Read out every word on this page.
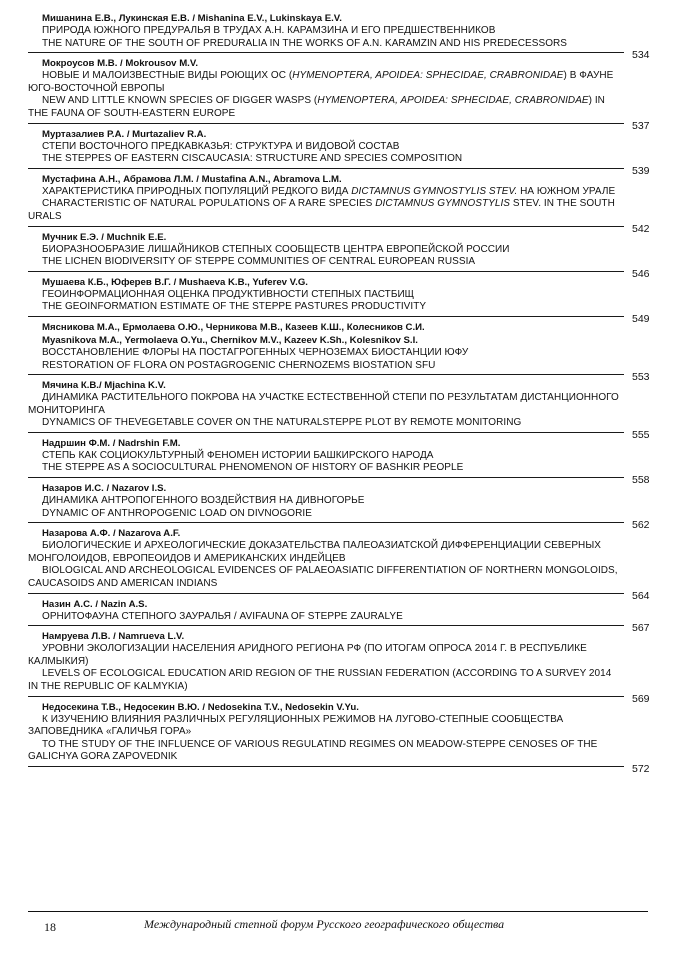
Мишанина Е.В., Лукинская Е.В. / Mishanina E.V., Lukinskaya E.V.
ПРИРОДА ЮЖНОГО ПРЕДУРАЛЬЯ В ТРУДАХ А.Н. КАРАМЗИНА И ЕГО ПРЕДШЕСТВЕННИКОВ
THE NATURE OF THE SOUTH OF PREDURALIA IN THE WORKS OF A.N. KARAMZIN AND HIS PREDECESSORS
534
Мокроусов М.В. / Mokrousov M.V.
НОВЫЕ И МАЛОИЗВЕСТНЫЕ ВИДЫ РОЮЩИХ ОС (HYMENOPTERA, APOIDEA: SPHECIDAE, CRABRONIDAE) В ФАУНЕ ЮГО-ВОСТОЧНОЙ ЕВРОПЫ
NEW AND LITTLE KNOWN SPECIES OF DIGGER WASPS (HYMENOPTERA, APOIDEA: SPHECIDAE, CRABRONIDAE) IN THE FAUNA OF SOUTH-EASTERN EUROPE
537
Муртазалиев Р.А. / Murtazaliev R.A.
СТЕПИ ВОСТОЧНОГО ПРЕДКАВКАЗЬЯ: СТРУКТУРА И ВИДОВОЙ СОСТАВ
THE STEPPES OF EASTERN CISCAUCASIA: STRUCTURE AND SPECIES COMPOSITION
539
Мустафина А.Н., Абрамова Л.М. / Mustafina A.N., Abramova L.M.
ХАРАКТЕРИСТИКА ПРИРОДНЫХ ПОПУЛЯЦИЙ РЕДКОГО ВИДА DICTAMNUS GYMNOSTYLIS STEV. НА ЮЖНОМ УРАЛЕ
CHARACTERISTIC OF NATURAL POPULATIONS OF A RARE SPECIES DICTAMNUS GYMNOSTYLIS STEV. IN THE SOUTH URALS
542
Мучник Е.Э. / Muchnik E.E.
БИОРАЗНООБРАЗИЕ ЛИШАЙНИКОВ СТЕПНЫХ СООБЩЕСТВ ЦЕНТРА ЕВРОПЕЙСКОЙ РОССИИ
THE LICHEN BIODIVERSITY OF STEPPE COMMUNITIES OF CENTRAL EUROPEAN RUSSIA
546
Мушаева К.Б., Юферев В.Г. / Mushaeva K.B., Yuferev V.G.
ГЕОИНФОРМАЦИОННАЯ ОЦЕНКА ПРОДУКТИВНОСТИ СТЕПНЫХ ПАСТБИЩ
THE GEOINFORMATION ESTIMATE OF THE STEPPE PASTURES PRODUCTIVITY
549
Мясникова М.А., Ермолаева О.Ю., Черникова М.В., Казеев К.Ш., Колесников С.И.
Myasnikova M.A., Yermolaeva O.Yu., Chernikov M.V., Kazeev K.Sh., Kolesnikov S.I.
ВОССТАНОВЛЕНИЕ ФЛОРЫ НА ПОСТАГРОГЕННЫХ ЧЕРНОЗЕМАХ БИОСТАНЦИИ ЮФУ
RESTORATION OF FLORA ON POSTAGROGENIC CHERNOZEMS BIOSTATION SFU
553
Мячина К.В./ Mjachina K.V.
ДИНАМИКА РАСТИТЕЛЬНОГО ПОКРОВА НА УЧАСТКЕ ЕСТЕСТВЕННОЙ СТЕПИ ПО РЕЗУЛЬТАТАМ ДИСТАНЦИОННОГО МОНИТОРИНГА
DYNAMICS OF THEVEGETABLE COVER ON THE NATURALSTEPPE PLOT BY REMOTE MONITORING
555
Надршин Ф.М. / Nadrshin F.M.
СТЕПЬ КАК СОЦИОКУЛЬТУРНЫЙ ФЕНОМЕН ИСТОРИИ БАШКИРСКОГО НАРОДА
THE STEPPE AS A SOCIOCULTURAL PHENOMENON OF HISTORY OF BASHKIR PEOPLE
558
Назаров И.С. / Nazarov I.S.
ДИНАМИКА АНТРОПОГЕННОГО ВОЗДЕЙСТВИЯ НА ДИВНОГОРЬЕ
DYNAMIC OF ANTHROPOGENIC LOAD ON DIVNOGORIE
562
Назарова А.Ф. / Nazarova A.F.
БИОЛОГИЧЕСКИЕ И АРХЕОЛОГИЧЕСКИЕ ДОКАЗАТЕЛЬСТВА ПАЛЕОАЗИАТСКОЙ ДИФФЕРЕНЦИАЦИИ СЕВЕРНЫХ МОНГОЛОИДОВ, ЕВРОПЕОИДОВ И АМЕРИКАНСКИХ ИНДЕЙЦЕВ
BIOLOGICAL AND ARCHEOLOGICAL EVIDENCES OF PALAEOASIATIC DIFFERENTIATION OF NORTHERN MONGOLOIDS, CAUCASOIDS AND AMERICAN INDIANS
564
Назин А.С. / Nazin A.S.
ОРНИТОФАУНА СТЕПНОГО ЗАУРАЛЬЯ / AVIFAUNA OF STEPPE ZAURALYE
567
Намруева Л.В. / Namrueva L.V.
УРОВНИ ЭКОЛОГИЗАЦИИ НАСЕЛЕНИЯ АРИДНОГО РЕГИОНА РФ (ПО ИТОГАМ ОПРОСА 2014 Г. В РЕСПУБЛИКЕ КАЛМЫКИЯ)
LEVELS OF ECOLOGICAL EDUCATION ARID REGION OF THE RUSSIAN FEDERATION (ACCORDING TO A SURVEY 2014 IN THE REPUBLIC OF KALMYKIA)
569
Недосекина Т.В., Недосекин В.Ю. / Nedosekina T.V., Nedosekin V.Yu.
К ИЗУЧЕНИЮ ВЛИЯНИЯ РАЗЛИЧНЫХ РЕГУЛЯЦИОННЫХ РЕЖИМОВ НА ЛУГОВО-СТЕПНЫЕ СООБЩЕСТВА ЗАПОВЕДНИКА «ГАЛИЧЬЯ ГОРА»
TO THE STUDY OF THE INFLUENCE OF VARIOUS REGULATIND REGIMES ON MEADOW-STEPPE CENOSES OF THE GALICHYA GORA ZAPOVEDNIK
572
18	Международный степной форум Русского географического общества
